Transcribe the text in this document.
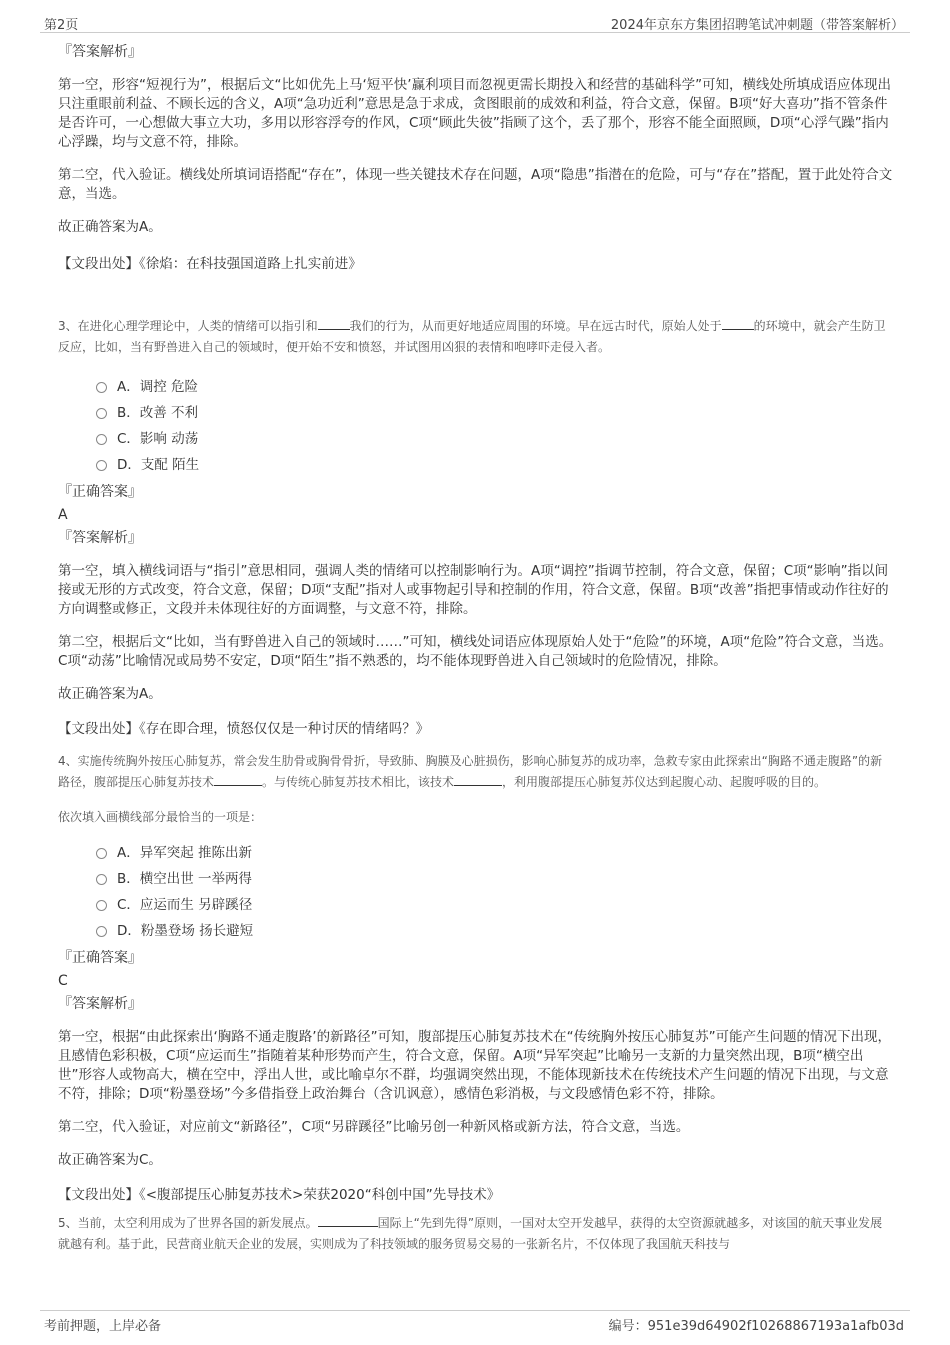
第2页	2024年京东方集团招聘笔试冲刺题（带答案解析）
『答案解析』

第一空，形容“短视行为”，根据后文“比如优先上马‘短平快’赢利项目而忽视更需长期投入和经营的基础科学”可知，横线处所填成语应体现出只注重眼前利益、不顾长远的含义，A项“急功近利”意思是急于求成，贪图眼前的成效和利益，符合文意，保留。B项“好大喜功”指不管条件是否许可，一心想做大事立大功，多用以形容浮夸的作风，C项“顾此失彼”指顾了这个，丢了那个，形容不能全面照顾，D项“心浮气躁”指内心浮躁，均与文意不符，排除。

第二空，代入验证。横线处所填词语搭配“存在”，体现一些关键技术存在问题，A项“隐患”指潜在的危险，可与“存在”搭配，置于此处符合文意，当选。

故正确答案为A。

【文段出处】《徐焰：在科技强国道路上扎实前进》

3、在进化心理学理论中，人类的情绪可以指引和	我们的行为，从而更好地适应周围的环境。早在远古时代，原始人处于	的环境中，就会产生防卫反应，比如，当有野兽进入自己的领域时，便开始不安和愤怒，并试图用凶狠的表情和咆哮吓走侵入者。

A．调控 危险
B．改善 不利
C．影响 动荡
D．支配 陌生
『正确答案』
A
『答案解析』

第一空，填入横线词语与“指引”意思相同，强调人类的情绪可以控制影响行为。A项“调控”指调节控制，符合文意，保留；C项“影响”指以间接或无形的方式改变，符合文意，保留；D项“支配”指对人或事物起引导和控制的作用，符合文意，保留。B项“改善”指把事情或动作往好的方向调整或修正，文段并未体现往好的方面调整，与文意不符，排除。

第二空，根据后文“比如，当有野兽进入自己的领域时……”可知，横线处词语应体现原始人处于“危险”的环境，A项“危险”符合文意，当选。C项“动荡”比喻情况或局势不安定，D项“陌生”指不熟悉的，均不能体现野兽进入自己领域时的危险情况，排除。

故正确答案为A。

【文段出处】《存在即合理，愤怒仅仅是一种讨厌的情绪吗？》

4、实施传统胸外按压心肺复苏，常会发生肋骨或胸骨骨折，导致肺、胸膜及心脏损伤，影响心肺复苏的成功率，急救专家由此探索出“胸路不通走腹路”的新路径，腹部提压心肺复苏技术	。与传统心肺复苏技术相比，该技术	，利用腹部提压心肺复苏仪达到起腹心动、起腹呼吸的目的。

依次填入画横线部分最恰当的一项是：

A．异军突起 推陈出新
B．横空出世 一举两得
C．应运而生 另辟蹊径
D．粉墨登场 扬长避短
『正确答案』
C
『答案解析』

第一空，根据“由此探索出‘胸路不通走腹路’的新路径”可知，腹部提压心肺复苏技术在“传统胸外按压心肺复苏”可能产生问题的情况下出现，且感情色彩积极，C项“应运而生”指随着某种形势而产生，符合文意，保留。A项“异军突起”比喻另一支新的力量突然出现，B项“横空出世”形容人或物高大，横在空中，浮出人世，或比喻卓尔不群，均强调突然出现，不能体现新技术在传统技术产生问题的情况下出现，与文意不符，排除；D项“粉墨登场”今多借指登上政治舞台（含讥讽意），感情色彩消极，与文段感情色彩不符，排除。

第二空，代入验证，对应前文“新路径”，C项“另辟蹊径”比喻另创一种新风格或新方法，符合文意，当选。

故正确答案为C。

【文段出处】《<腹部提压心肺复苏技术>荣获2020“科创中国”先导技术》

5、当前，太空利用成为了世界各国的新发展点。	国际上“先到先得”原则，一国对太空开发越早，获得的太空资源就越多，对该国的航天事业发展就越有利。基于此，民营商业航天企业的发展，实则成为了科技领域的服务贸易交易的一张新名片，不仅体现了我国航天科技与

考前押题，上岸必备	编号：951e39d64902f10268867193a1afb03d
